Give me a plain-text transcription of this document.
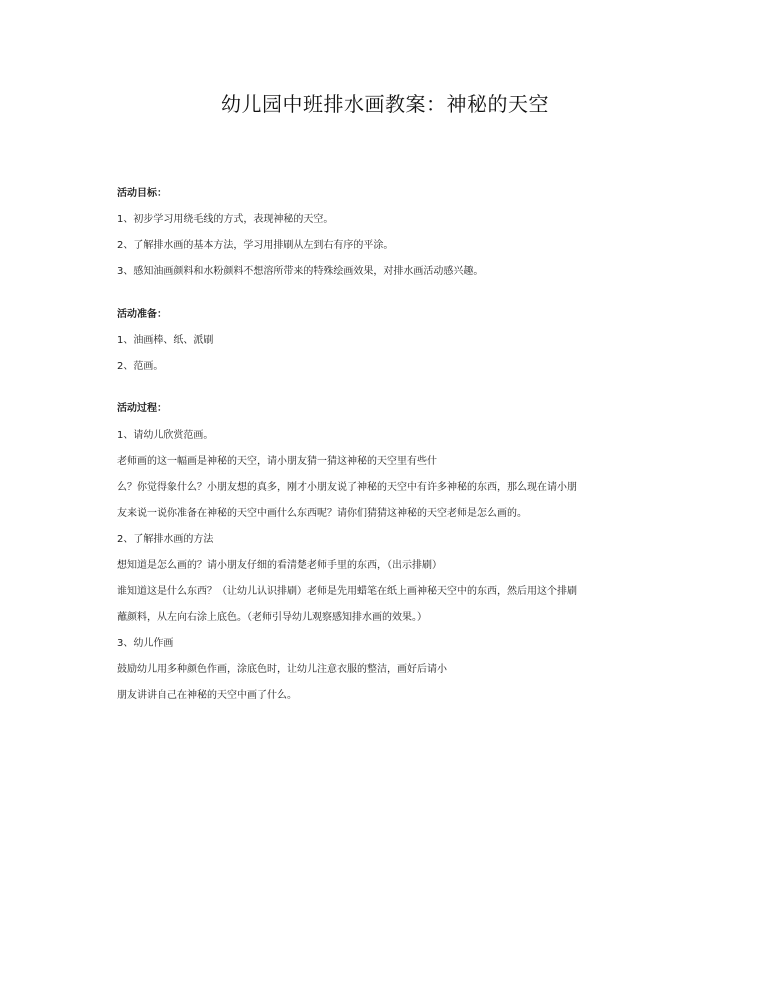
幼儿园中班排水画教案：神秘的天空
活动目标：
1、初步学习用绕毛线的方式，表现神秘的天空。
2、了解排水画的基本方法，学习用排刷从左到右有序的平涂。
3、感知油画颜料和水粉颜料不想溶所带来的特殊绘画效果，对排水画活动感兴趣。
活动准备：
1、油画棒、纸、派刷
2、范画。
活动过程：
1、请幼儿欣赏范画。
老师画的这一幅画是神秘的天空，请小朋友猜一猜这神秘的天空里有些什
么？你觉得象什么？小朋友想的真多，刚才小朋友说了神秘的天空中有许多神秘的东西，那么现在请小朋
友来说一说你准备在神秘的天空中画什么东西呢？请你们猜猜这神秘的天空老师是怎么画的。
2、了解排水画的方法
想知道是怎么画的？请小朋友仔细的看清楚老师手里的东西，（出示排刷）
谁知道这是什么东西？（让幼儿认识排刷）老师是先用蜡笔在纸上画神秘天空中的东西，然后用这个排刷
蘸颜料，从左向右涂上底色。（老师引导幼儿观察感知排水画的效果。）
3、幼儿作画
鼓励幼儿用多种颜色作画，涂底色时，让幼儿注意衣服的整洁，画好后请小
朋友讲讲自己在神秘的天空中画了什么。
